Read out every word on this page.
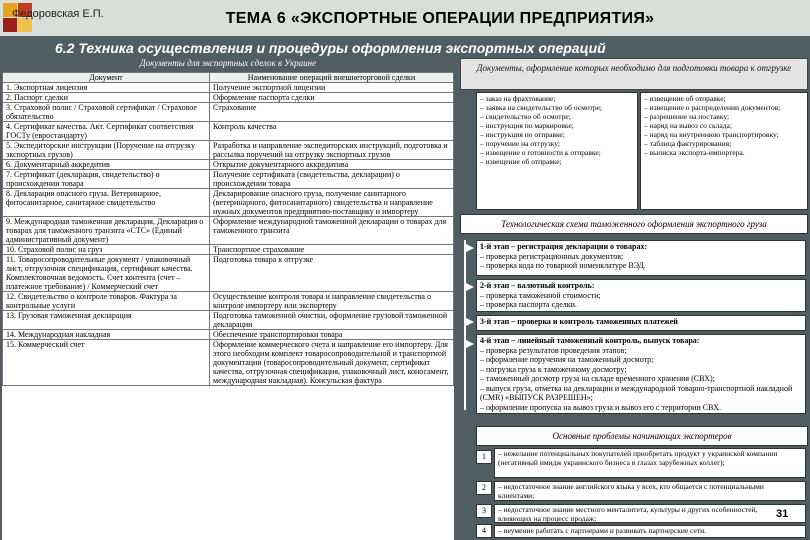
Федоровская Е.П.	ТЕМА 6 «ЭКСПОРТНЫЕ ОПЕРАЦИИ ПРЕДПРИЯТИЯ»
6.2 Техника осуществления и процедуры оформления экспортных операций
Документы для экспортных сделок в Украине
Документ	Наименование операций внешнеторговой сделки
1. Экспортная лицензия	Получение экспортной лицензии
2. Паспорт сделки	Оформление паспорта сделки
3. Страховой полис / Страховой сертификат / Страховое обязательство	Страхование
4. Сертификат качества. Акт. Сертификат соответствия ГОСТу (евростандарту)	Контроль качества
5. Экспедиторские инструкции (Поручение на отгрузку экспортных грузов)	Разработка и направление экспедиторских инструкций, подготовка и рассылка поручений на отгрузку экспортных грузов
6. Документарный аккредитив	Открытие документарного аккредитива
7. Сертификат (декларация, свидетельство) о происхождении товара	Получение сертификата (свидетельства, декларации) о происхождении товара
8. Декларация опасного груза. Ветеринарное, фитосанитарное, санитарное свидетельство	Декларирование опасного груза, получение санитарного (ветеринарного, фитосанитарного) свидетельства и направление нужных документов предприятию-поставщику и импортеру
9. Международная таможенная декларация, Декларация о товарах для таможенного транзита «СТС» (Единый административный документ)	Оформление международной таможенной декларации о товарах для таможенного транзита
10. Страховой полис на груз	Транспортное страхование
11. Товаросопроводительные документ / упаковочный лист, отгрузочная спецификация, сертификат качества. Комплектовочная ведомость. Счет контента (счет – платежное требование) / Коммерческий счет	Подготовка товара к отгрузке
12. Свидетельство о контроле товаров. Фактура за контрольные услуги	Осуществление контроля товара и направление свидетельства о контроле импортеру или экспортеру
13. Грузовая таможенная декларация	Подготовка таможенной очистки, оформление грузовой таможенной декларации
14. Международная накладная	Обеспечение транспортировки товара
15. Коммерческий счет	Оформление коммерческого счета и направление его импортеру. Для этого необходим комплект товаросопроводительной и транспортной документации (товаросопроводительный документ, сертификат качества, отгрузочная спецификация, упаковочный лист, коносамент, международная накладная). Консульская фактура
Документы, оформление которых необходимо для подготовки товара к отгрузке
– заказ на фрахтование;
– заявка на свидетельство об осмотре;
– свидетельство об осмотре;
– инструкция по маркировке;
– инструкция по отправке;
– поручение на отгрузку;
– извещение о готовности к отправке;
– извещение об отправке;
– извещение об отправке;
– извещение о распределении документов;
– разрешение на поставку;
– наряд на вывоз со склада;
– наряд на внутреннюю транспортировку;
– таблица фактурирования;
– выписка экспорта-импортера.
Технологическая схема таможенного оформления экспортного груза
1-й этап – регистрация декларации о товарах:
– проверка регистрационных документов;
– проверка кода по товарной номенклатуре ВЭД.
2-й этап – валютный контроль:
– проверка таможенной стоимости;
– проверка паспорта сделки.
3-й этап – проверка и контроль таможенных платежей
4-й этап – линейный таможенный контроль, выпуск товара:
– проверка результатов проведения этапов;
– оформление поручения на таможенный досмотр;
– погрузка груза к таможенному досмотру;
– таможенный досмотр груза на складе временного хранения (СВХ);
– выпуск груза, отметка на декларации и международной товарно-транспортной накладной (СМR) «ВЫПУСК РАЗРЕШЕН»;
– оформление пропуска на вывоз груза и вывоз его с территории СВХ.
Основные проблемы начинающих экспортеров
1	– нежелание потенциальных покупателей приобретать продукт у украинской компании (негативный имидж украинского бизнеса в глазах зарубежных коллег);
2	– недостаточное знание английского языка у всех, кто общается с потенциальными клиентами;
3	– недостаточное знание местного менталитета, культуры и других особенностей, влияющих на процесс продаж;
4	– неумение работать с партнерами и развивать партнерские сети.
31
